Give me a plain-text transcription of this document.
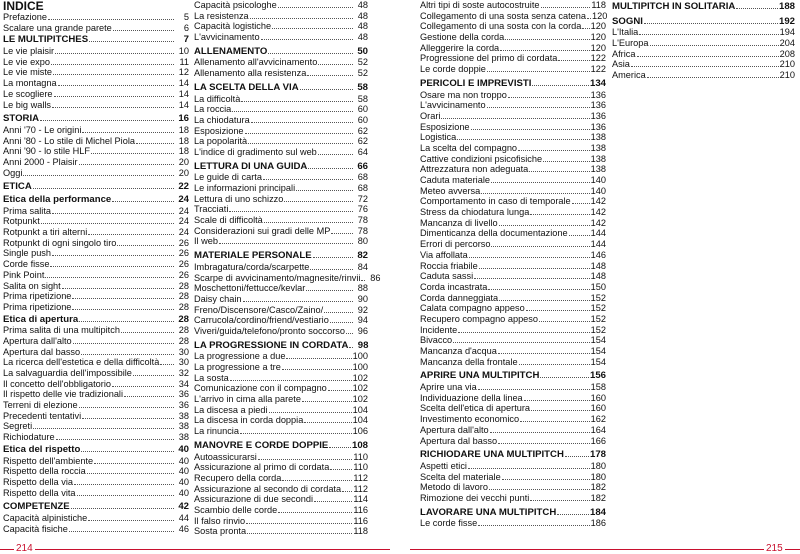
INDICE
Prefazione	5
Scalare una grande parete	6
LE MULTIPITCHES	7
Le vie plaisir	10
Le vie expo	11
Le vie miste	12
La montagna	14
Le scogliere	14
Le big walls	14
STORIA	16
Anni '70 - Le origini	18
Anni '80 - Lo stile di Michel Piola	18
Anni '90 - lo stile HLF	18
Anni 2000 - Plaisir	20
Oggi	20
ETICA	22
Etica della performance	24
Prima salita	24
Rotpunkt	24
Rotpunkt a tiri alterni	24
Rotpunkt di ogni singolo tiro	26
Single push	26
Corde fisse	26
Pink Point	26
Salita on sight	28
Prima ripetizione	28
Prima ripetizione	28
Etica di apertura	28
Prima salita di una multipitch	28
Apertura dall'alto	28
Apertura dal basso	30
La ricerca dell'estetica e della difficoltà	30
La salvaguardia dell'impossibile	32
Il concetto dell'obbligatorio	34
Il rispetto delle vie tradizionali	36
Terreni di elezione	36
Precedenti tentativi	38
Segreti	38
Richiodature	38
Etica del rispetto	40
Rispetto dell'ambiente	40
Rispetto della roccia	40
Rispetto della via	40
Rispetto della vita	40
COMPETENZE	42
Capacità alpinistiche	44
Capacità fisiche	46
Capacità psicologhe	48
La resistenza	48
Capacità logistiche	48
L'avvicinamento	48
ALLENAMENTO	50
Allenamento all'avvicinamento	52
Allenamento alla resistenza	52
LA SCELTA DELLA VIA	58
La difficoltà	58
La roccia	60
La chiodatura	60
Esposizione	62
La popolarità	62
L'indice di gradimento sul web	64
LETTURA DI UNA GUIDA	66
Le guide di carta	68
Le informazioni principali	68
Lettura di uno schizzo	72
Tracciati	76
Scale di difficoltà	78
Considerazioni sui gradi delle MP	78
Il web	80
MATERIALE PERSONALE	82
Imbragatura/corda/scarpette	84
Scarpe di avvicinamento/magnesite/rinvii	86
Moschettoni/fettucce/kevlar	88
Daisy chain	90
Freno/Discensore/Casco/Zaino/	92
Carrucola/cordino/friend/vestiario	94
Viveri/guida/telefono/pronto soccorso	96
LA PROGRESSIONE IN CORDATA 98
La progressione a due	100
La progressione a tre	100
La sosta	102
Comunicazione con il compagno	102
L'arrivo in cima alla parete	102
La discesa a piedi	104
La discesa in corda doppia	104
La rinuncia	106
MANOVRE E CORDE DOPPIE 108
Autoassicurarsi	110
Assicurazione al primo di cordata	110
Recupero della corda	112
Assicurazione al secondo di cordata 112
Assicurazione di due secondi	114
Scambio delle corde	116
Il falso rinvio	116
Sosta pronta	118
Altri tipi di soste autocostruite	118
Collegamento di una sosta senza catena 120
Collegamento di una sosta con la corda 120
Gestione della corda	120
Alleggerire la corda	120
Progressione del primo di cordata	122
Le corde doppie	122
PERICOLI E IMPREVISTI	134
Osare ma non troppo	136
L'avvicinamento	136
Orari	136
Esposizione	136
Logistica	138
La scelta del compagno	138
Cattive condizioni psicofisiche	138
Attrezzatura non adeguata	138
Caduta materiale	140
Meteo avversa	140
Comportamento in caso di temporale 142
Stress da chiodatura lunga	142
Mancanza di livello	142
Dimenticanza della documentazione	144
Errori di percorso	144
Via affollata	146
Roccia friabile	148
Caduta sassi	148
Corda incastrata	150
Corda danneggiata	152
Calata compagno appeso	152
Recupero compagno appeso	152
Incidente	152
Bivacco	154
Mancanza d'acqua	154
Mancanza della frontale	154
APRIRE UNA MULTIPITCH	156
Aprire una via	158
Individuazione della linea	160
Scelta dell'etica di apertura	160
Investimento economico	162
Apertura dall'alto	164
Apertura dal basso	166
RICHIODARE UNA MULTIPITCH	178
Aspetti etici	180
Scelta del materiale	180
Metodo di lavoro	182
Rimozione dei vecchi punti	182
LAVORARE UNA MULTIPITCH	184
Le corde fisse	186
MULTIPITCH IN SOLITARIA	188
SOGNI	192
L'Italia	194
L'Europa	204
Africa	208
Asia	210
America	210
214	215
